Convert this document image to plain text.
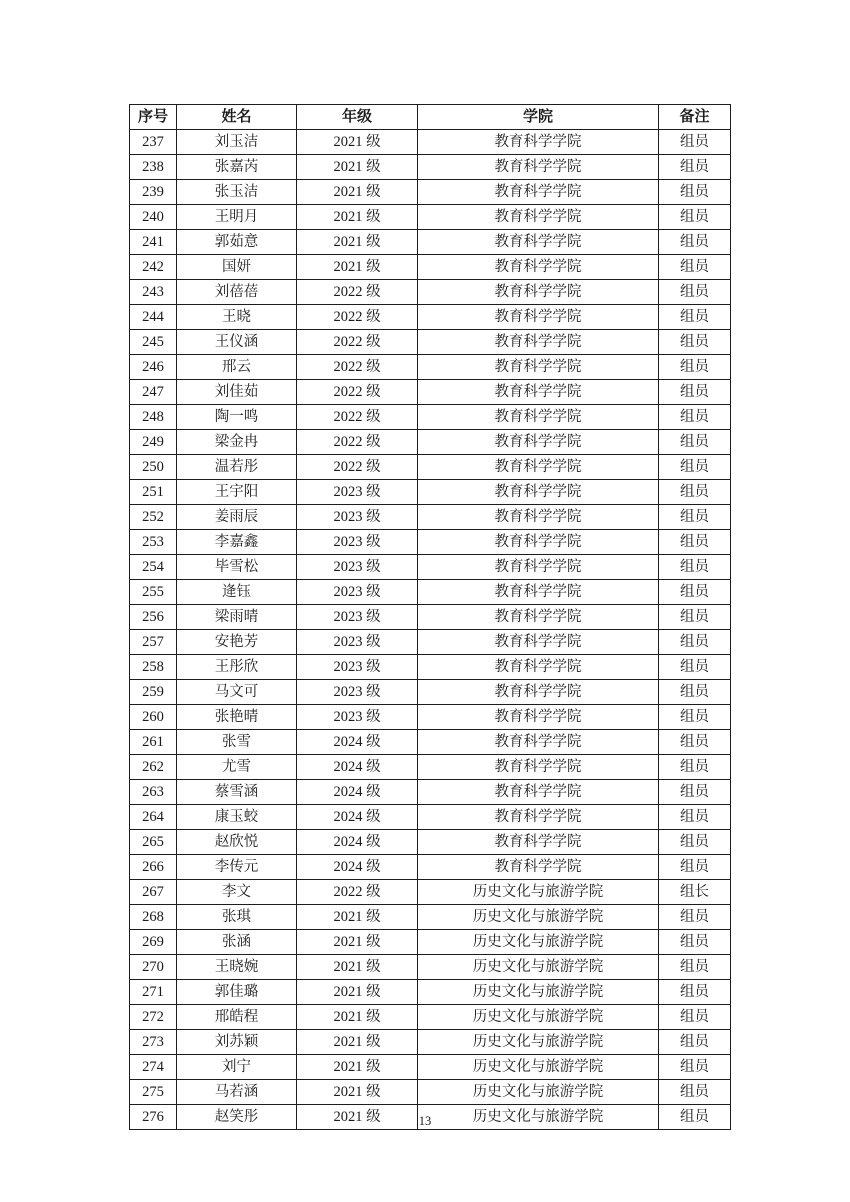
序号	姓名	年级	学院	备注
237	刘玉洁	2021 级	教育科学学院	组员
238	张嘉芮	2021 级	教育科学学院	组员
239	张玉洁	2021 级	教育科学学院	组员
240	王明月	2021 级	教育科学学院	组员
241	郭茹意	2021 级	教育科学学院	组员
242	国妍	2021 级	教育科学学院	组员
243	刘蓓蓓	2022 级	教育科学学院	组员
244	王晓	2022 级	教育科学学院	组员
245	王仪涵	2022 级	教育科学学院	组员
246	邢云	2022 级	教育科学学院	组员
247	刘佳茹	2022 级	教育科学学院	组员
248	陶一鸣	2022 级	教育科学学院	组员
249	梁金冉	2022 级	教育科学学院	组员
250	温若彤	2022 级	教育科学学院	组员
251	王宇阳	2023 级	教育科学学院	组员
252	姜雨辰	2023 级	教育科学学院	组员
253	李嘉鑫	2023 级	教育科学学院	组员
254	毕雪松	2023 级	教育科学学院	组员
255	逄钰	2023 级	教育科学学院	组员
256	梁雨晴	2023 级	教育科学学院	组员
257	安艳芳	2023 级	教育科学学院	组员
258	王彤欣	2023 级	教育科学学院	组员
259	马文可	2023 级	教育科学学院	组员
260	张艳晴	2023 级	教育科学学院	组员
261	张雪	2024 级	教育科学学院	组员
262	尤雪	2024 级	教育科学学院	组员
263	蔡雪涵	2024 级	教育科学学院	组员
264	康玉蛟	2024 级	教育科学学院	组员
265	赵欣悦	2024 级	教育科学学院	组员
266	李传元	2024 级	教育科学学院	组员
267	李文	2022 级	历史文化与旅游学院	组长
268	张琪	2021 级	历史文化与旅游学院	组员
269	张涵	2021 级	历史文化与旅游学院	组员
270	王晓婉	2021 级	历史文化与旅游学院	组员
271	郭佳璐	2021 级	历史文化与旅游学院	组员
272	邢皓程	2021 级	历史文化与旅游学院	组员
273	刘苏颖	2021 级	历史文化与旅游学院	组员
274	刘宁	2021 级	历史文化与旅游学院	组员
275	马若涵	2021 级	历史文化与旅游学院	组员
276	赵笑彤	2021 级	历史文化与旅游学院	组员
13
